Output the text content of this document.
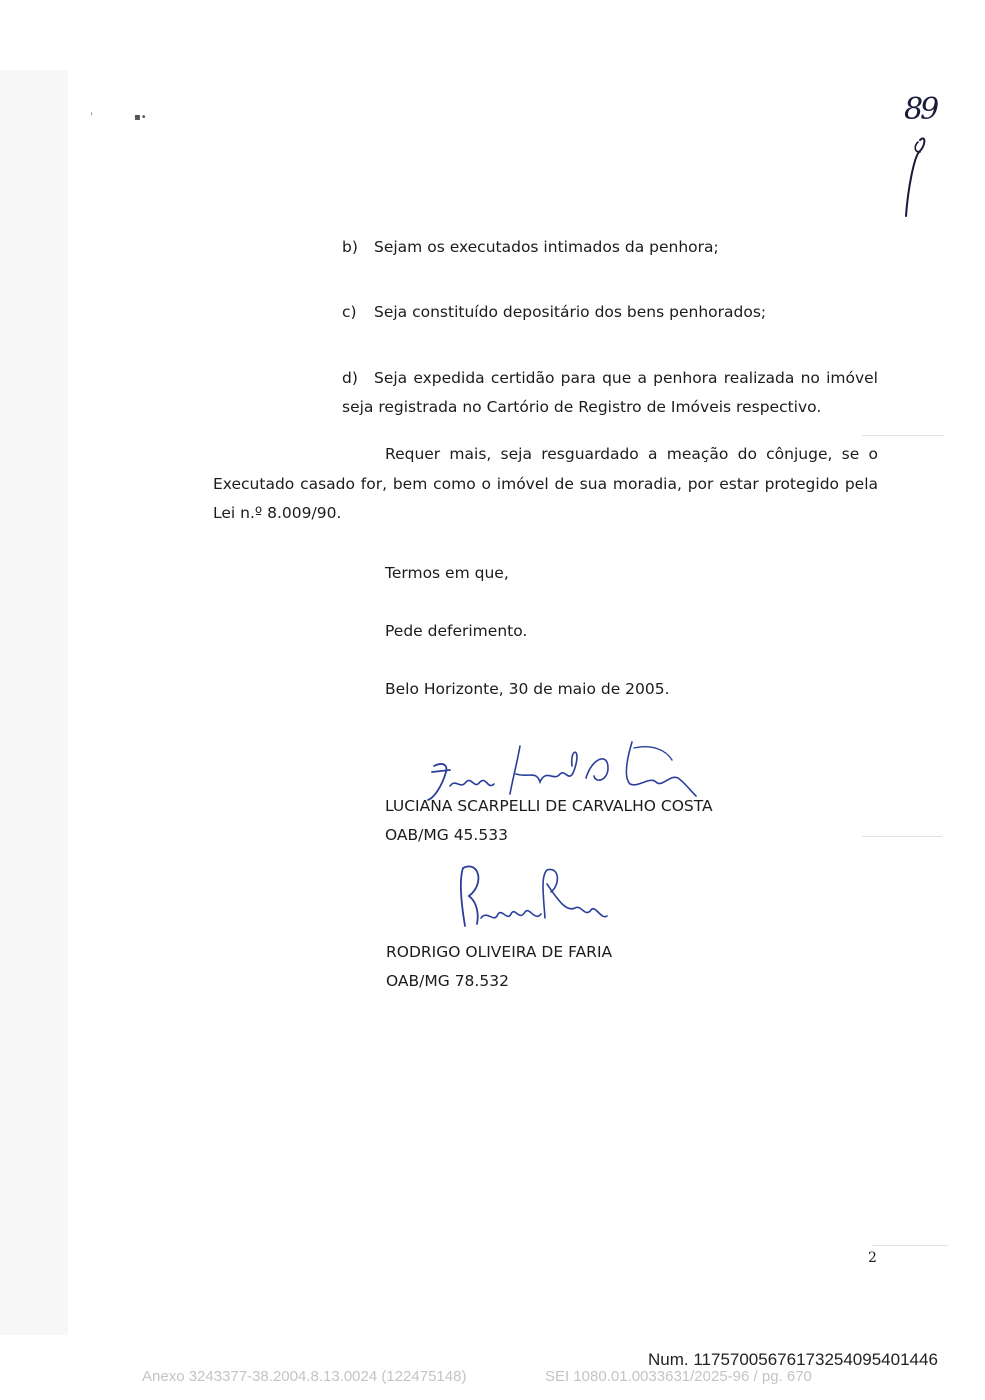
ˈ	▪•	89
b)	Sejam os executados intimados da penhora;
c)	Seja constituído depositário dos bens penhorados;
d)	Seja expedida certidão para que a penhora realizada no imóvel seja registrada no Cartório de Registro de Imóveis respectivo.
Requer mais, seja resguardado a meação do cônjuge, se o Executado casado for, bem como o imóvel de sua moradia, por estar protegido pela Lei n.º 8.009/90.
Termos em que,
Pede deferimento.
Belo Horizonte, 30 de maio de 2005.
LUCIANA SCARPELLI DE CARVALHO COSTA
OAB/MG 45.533
RODRIGO OLIVEIRA DE FARIA
OAB/MG 78.532
2
Num. 11757005676173254095401446
Anexo 3243377-38.2004.8.13.0024 (122475148)	SEI 1080.01.0033631/2025-96 / pg. 670
